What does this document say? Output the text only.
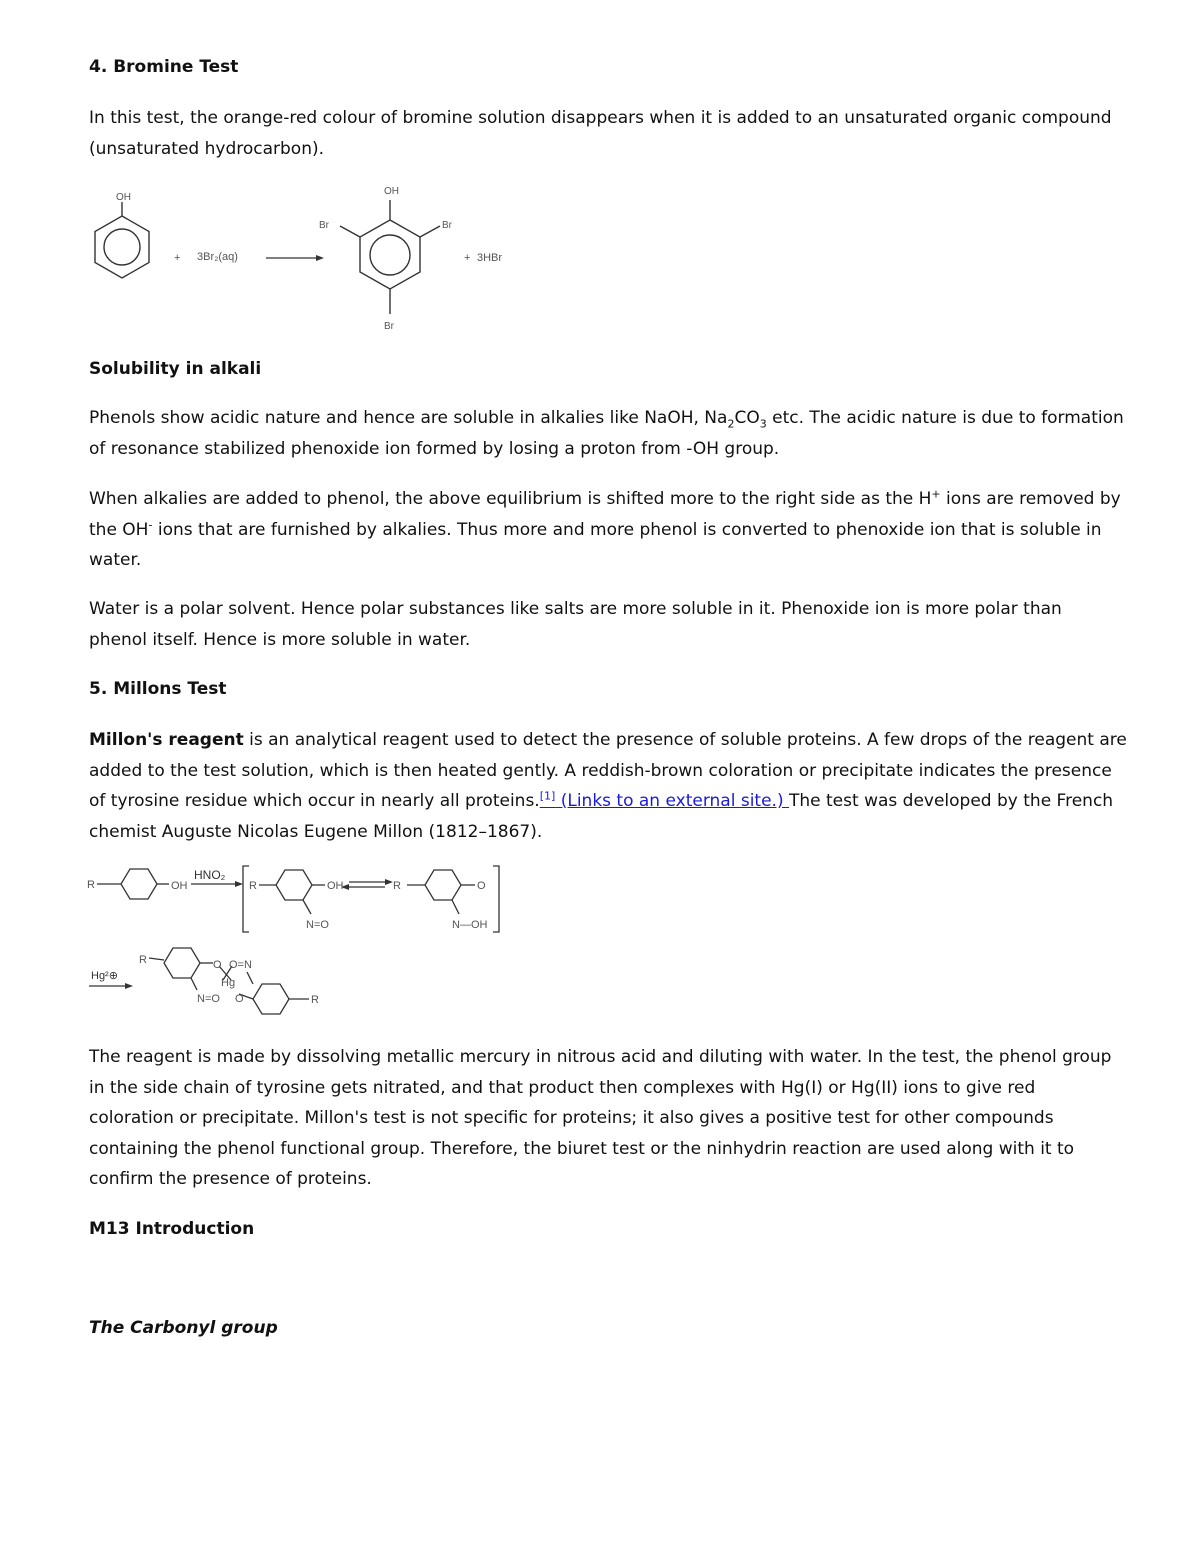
4. Bromine Test
In this test, the orange-red colour of bromine solution disappears when it is added to an unsaturated organic compound
(unsaturated hydrocarbon).
OH
+ 3Br₂(aq)
OH
Br	Br
Br
+ 3HBr
Solubility in alkali
Phenols show acidic nature and hence are soluble in alkalies like NaOH, $Na_2CO_3$ etc. The acidic nature is due to formation
of resonance stabilized phenoxide ion formed by losing a proton from -OH group.
When alkalies are added to phenol, the above equilibrium is shifted more to the right side as the H+ ions are removed by
the OH- ions that are furnished by alkalies. Thus more and more phenol is converted to phenoxide ion that is soluble in
water.
Water is a polar solvent. Hence polar substances like salts are more soluble in it. Phenoxide ion is more polar than
phenol itself. Hence is more soluble in water.
5. Millons Test
Millon's reagent is an analytical reagent used to detect the presence of soluble proteins. A few drops of the reagent are
added to the test solution, which is then heated gently. A reddish-brown coloration or precipitate indicates the presence
of tyrosine residue which occur in nearly all proteins.[1] (Links to an external site.) The test was developed by the French
chemist Auguste Nicolas Eugene Millon (1812–1867).
R	OH
HNO₂
R	OH
N=O
R	O
N—OH
Hg²⊕
R	O O=N
Hg
N=O O	R
The reagent is made by dissolving metallic mercury in nitrous acid and diluting with water. In the test, the phenol group
in the side chain of tyrosine gets nitrated, and that product then complexes with Hg(I) or Hg(II) ions to give red
coloration or precipitate. Millon's test is not specific for proteins; it also gives a positive test for other compounds
containing the phenol functional group. Therefore, the biuret test or the ninhydrin reaction are used along with it to
confirm the presence of proteins.
M13 Introduction
The Carbonyl group
